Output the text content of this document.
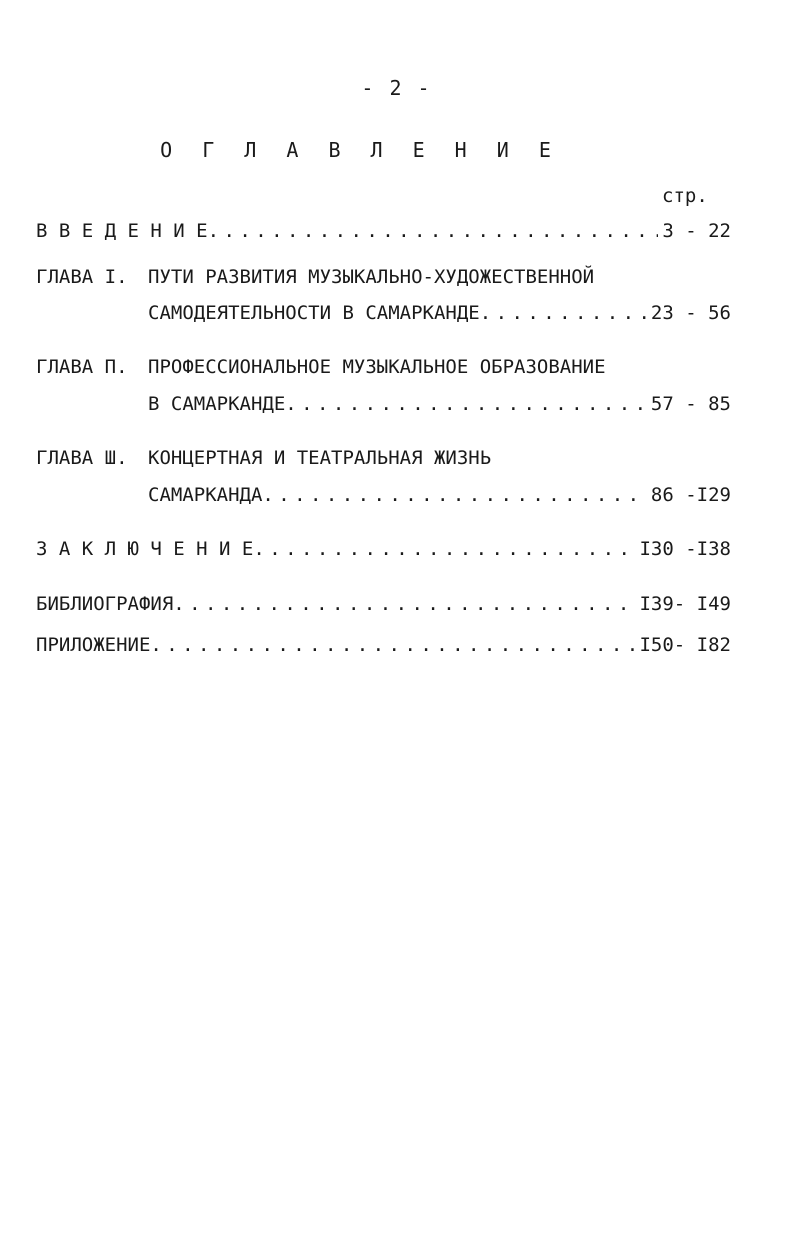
- 2 -
О Г Л А В Л Е Н И Е
стр.
В В Е Д Е Н И Е . . .	3 - 22
ГЛАВА I.	ПУТИ РАЗВИТИЯ МУЗЫКАЛЬНО-ХУДОЖЕСТВЕННОЙ
САМОДЕЯТЕЛЬНОСТИ В САМАРКАНДЕ . . .	23 - 56
ГЛАВА П.	ПРОФЕССИОНАЛЬНОЕ МУЗЫКАЛЬНОЕ ОБРАЗОВАНИЕ
В САМАРКАНДЕ . . .	57 - 85
ГЛАВА Ш.	КОНЦЕРТНАЯ И ТЕАТРАЛЬНАЯ ЖИЗНЬ
САМАРКАНДА . . .	86 -I29
З А К Л Ю Ч Е Н И Е . . .	I30 -I38
БИБЛИОГРАФИЯ . . .	I39- I49
ПРИЛОЖЕНИЕ . . .	I50- I82
